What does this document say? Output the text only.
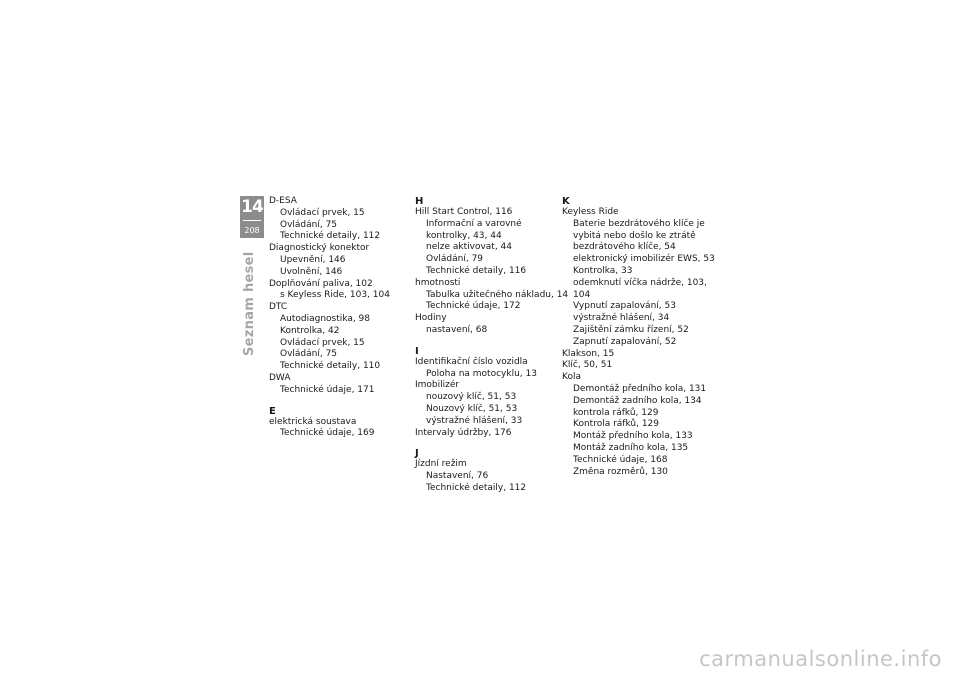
14
208
Seznam hesel
D-ESA
Ovládací prvek, 15
Ovládání, 75
Technické detaily, 112
Diagnostický konektor
Upevnění, 146
Uvolnění, 146
Doplňování paliva, 102
s Keyless Ride, 103, 104
DTC
Autodiagnostika, 98
Kontrolka, 42
Ovládací prvek, 15
Ovládání, 75
Technické detaily, 110
DWA
Technické údaje, 171
E
elektrická soustava
Technické údaje, 169
H
Hill Start Control, 116
Informační a varovné
kontrolky, 43, 44
nelze aktivovat, 44
Ovládání, 79
Technické detaily, 116
hmotnosti
Tabulka užitečného nákladu, 14
Technické údaje, 172
Hodiny
nastavení, 68
I
Identifikační číslo vozidla
Poloha na motocyklu, 13
Imobilizér
nouzový klíč, 51, 53
Nouzový klíč, 51, 53
výstražné hlášení, 33
Intervaly údržby, 176
J
Jízdní režim
Nastavení, 76
Technické detaily, 112
K
Keyless Ride
Baterie bezdrátového klíče je
vybitá nebo došlo ke ztrátě
bezdrátového klíče, 54
elektronický imobilizér EWS, 53
Kontrolka, 33
odemknutí víčka nádrže, 103,
104
Vypnutí zapalování, 53
výstražné hlášení, 34
Zajištění zámku řízení, 52
Zapnutí zapalování, 52
Klakson, 15
Klíč, 50, 51
Kola
Demontáž předního kola, 131
Demontáž zadního kola, 134
kontrola ráfků, 129
Kontrola ráfků, 129
Montáž předního kola, 133
Montáž zadního kola, 135
Technické údaje, 168
Změna rozměrů, 130
carmanualsonline.info
